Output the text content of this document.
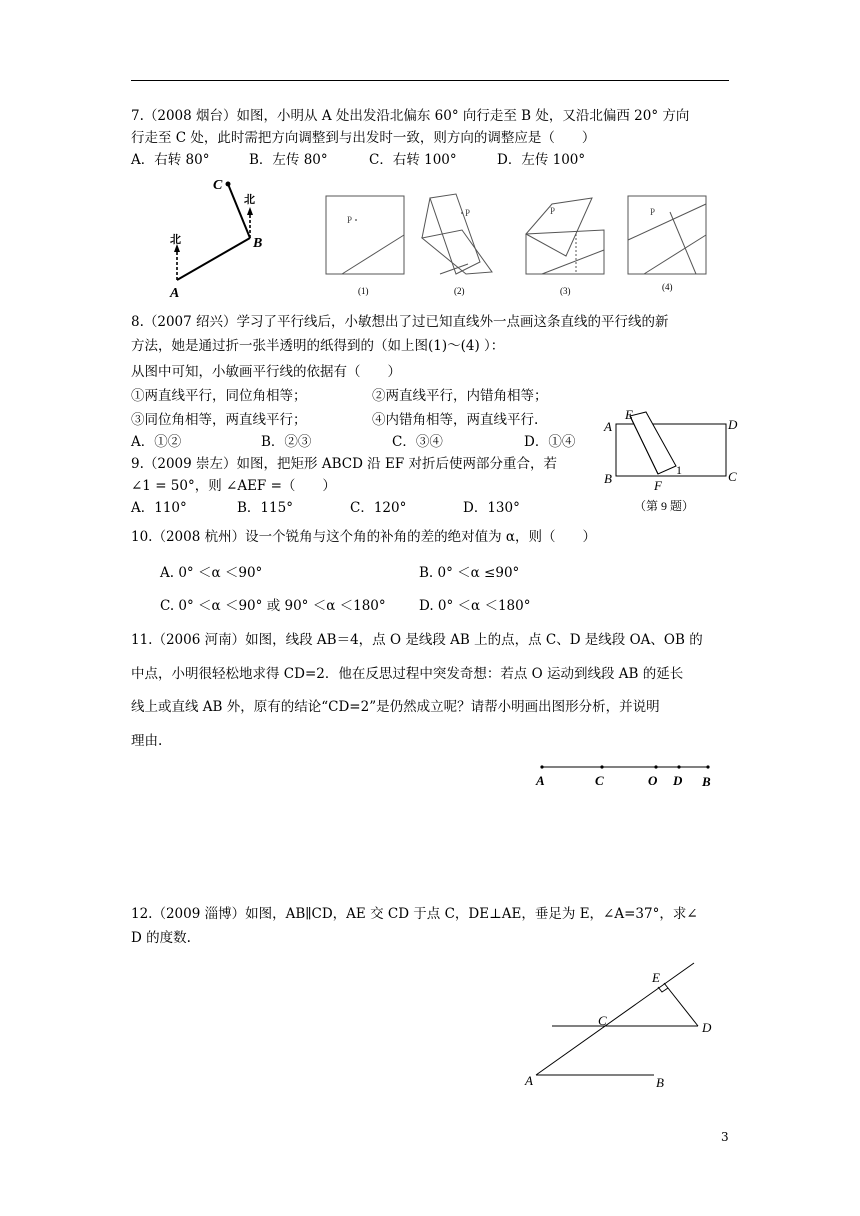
7.（2008 烟台）如图，小明从 A 处出发沿北偏东 60° 向行走至 B 处，又沿北偏西 20° 方向
行走至 C 处，此时需把方向调整到与出发时一致，则方向的调整应是（　　）
A．右转 80°	B．左传 80°	C．右转 100°	D．左传 100°
北
北
C
B
A
P
(1)
P
(2)
P
(3)
P
(4)
8.（2007 绍兴）学习了平行线后，小敏想出了过已知直线外一点画这条直线的平行线的新
方法，她是通过折一张半透明的纸得到的（如上图(1)～(4) ）：
从图中可知，小敏画平行线的依据有（　　）
①两直线平行，同位角相等；	②两直线平行，内错角相等；
③同位角相等，两直线平行；	④内错角相等，两直线平行.
A．①②	B．②③	C．③④	D．①④
9.（2009 崇左）如图，把矩形 ABCD 沿 EF 对折后使两部分重合，若
∠1 = 50°，则 ∠AEF =（　　）
A．110°	B．115°	C．120°	D．130°
A
E
D
B	C
F
1
（第 9 题）
10.（2008 杭州）设一个锐角与这个角的补角的差的绝对值为 α，则（　　）
A. 0° ＜α ＜90°	B. 0° ＜α ≤90°
C. 0° ＜α ＜90° 或 90° ＜α ＜180° D. 0° ＜α ＜180°
11.（2006 河南）如图，线段 AB＝4，点 O 是线段 AB 上的点，点 C、D 是线段 OA、OB 的
中点，小明很轻松地求得 CD=2．他在反思过程中突发奇想：若点 O 运动到线段 AB 的延长
线上或直线 AB 外，原有的结论“CD=2”是仍然成立呢？请帮小明画出图形分析，并说明
理由.
A	C	O D B
12.（2009 淄博）如图，AB∥CD，AE 交 CD 于点 C，DE⊥AE，垂足为 E，∠A=37°，求∠
D 的度数.
E
C	D
A	B
3
